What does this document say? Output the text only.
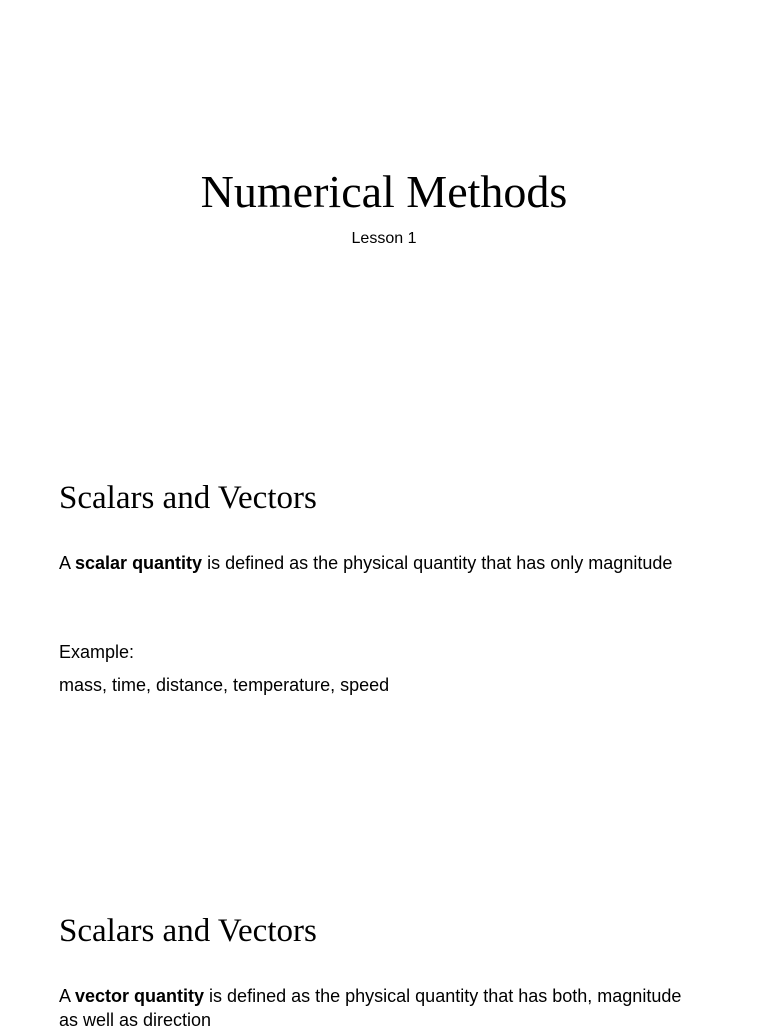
Numerical Methods

Lesson 1

Scalars and Vectors

A scalar quantity is defined as the physical quantity that has only magnitude

Example:

mass, time, distance, temperature, speed

Scalars and Vectors

A vector quantity is defined as the physical quantity that has both, magnitude as well as direction
